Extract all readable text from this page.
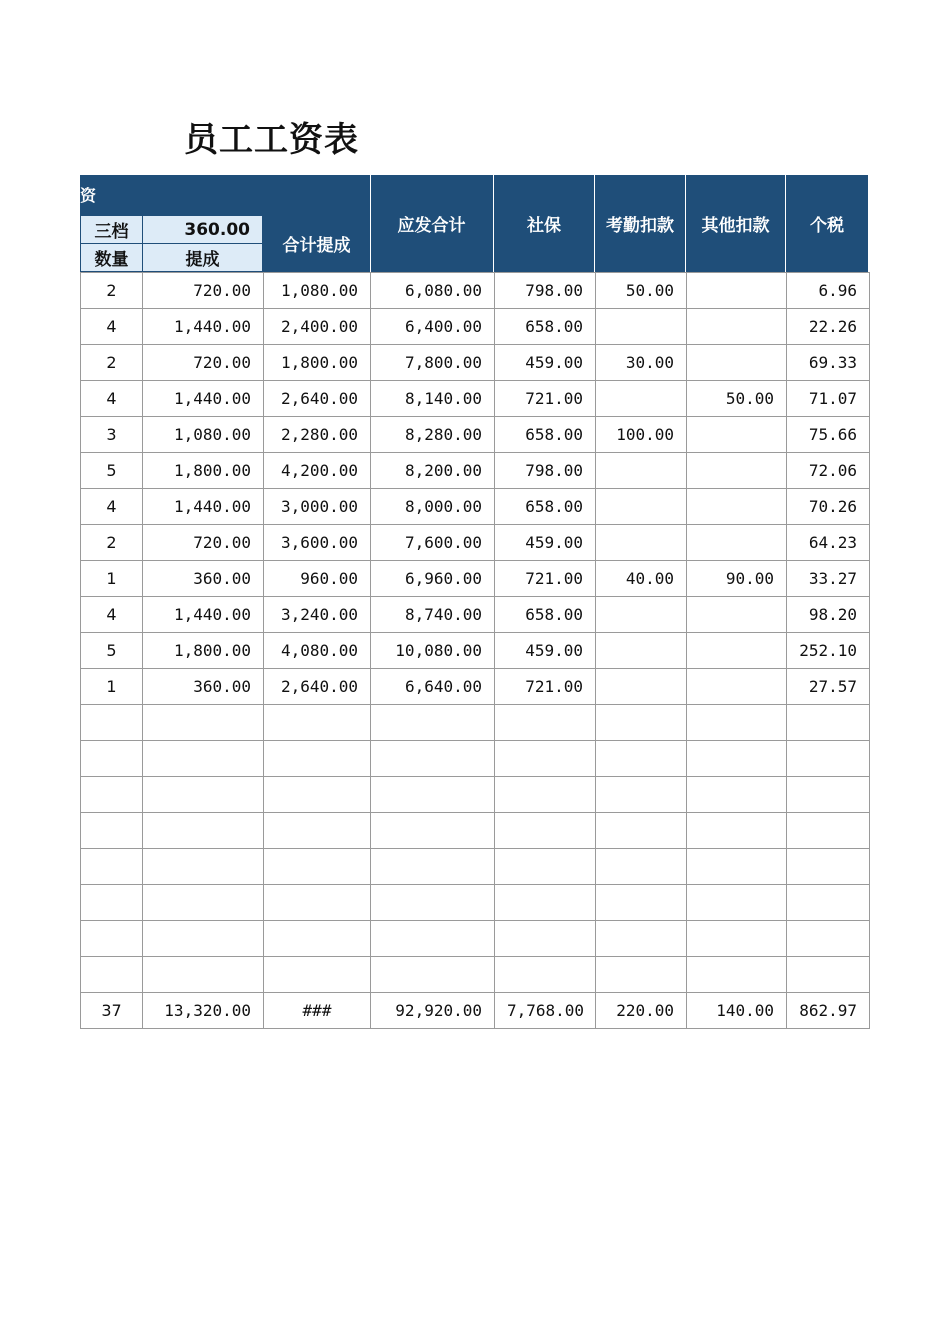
员工工资表
应发合计	社保	考勤扣款	其他扣款	个税
合计提成
资
三档	360.00
数量	提成
2	720.00	1,080.00	6,080.00	798.00	50.00		6.96
4	1,440.00	2,400.00	6,400.00	658.00			22.26
2	720.00	1,800.00	7,800.00	459.00	30.00		69.33
4	1,440.00	2,640.00	8,140.00	721.00		50.00	71.07
3	1,080.00	2,280.00	8,280.00	658.00	100.00		75.66
5	1,800.00	4,200.00	8,200.00	798.00			72.06
4	1,440.00	3,000.00	8,000.00	658.00			70.26
2	720.00	3,600.00	7,600.00	459.00			64.23
1	360.00	960.00	6,960.00	721.00	40.00	90.00	33.27
4	1,440.00	3,240.00	8,740.00	658.00			98.20
5	1,800.00	4,080.00	10,080.00	459.00			252.10
1	360.00	2,640.00	6,640.00	721.00			27.57

37	13,320.00	###	92,920.00	7,768.00	220.00	140.00	862.97
